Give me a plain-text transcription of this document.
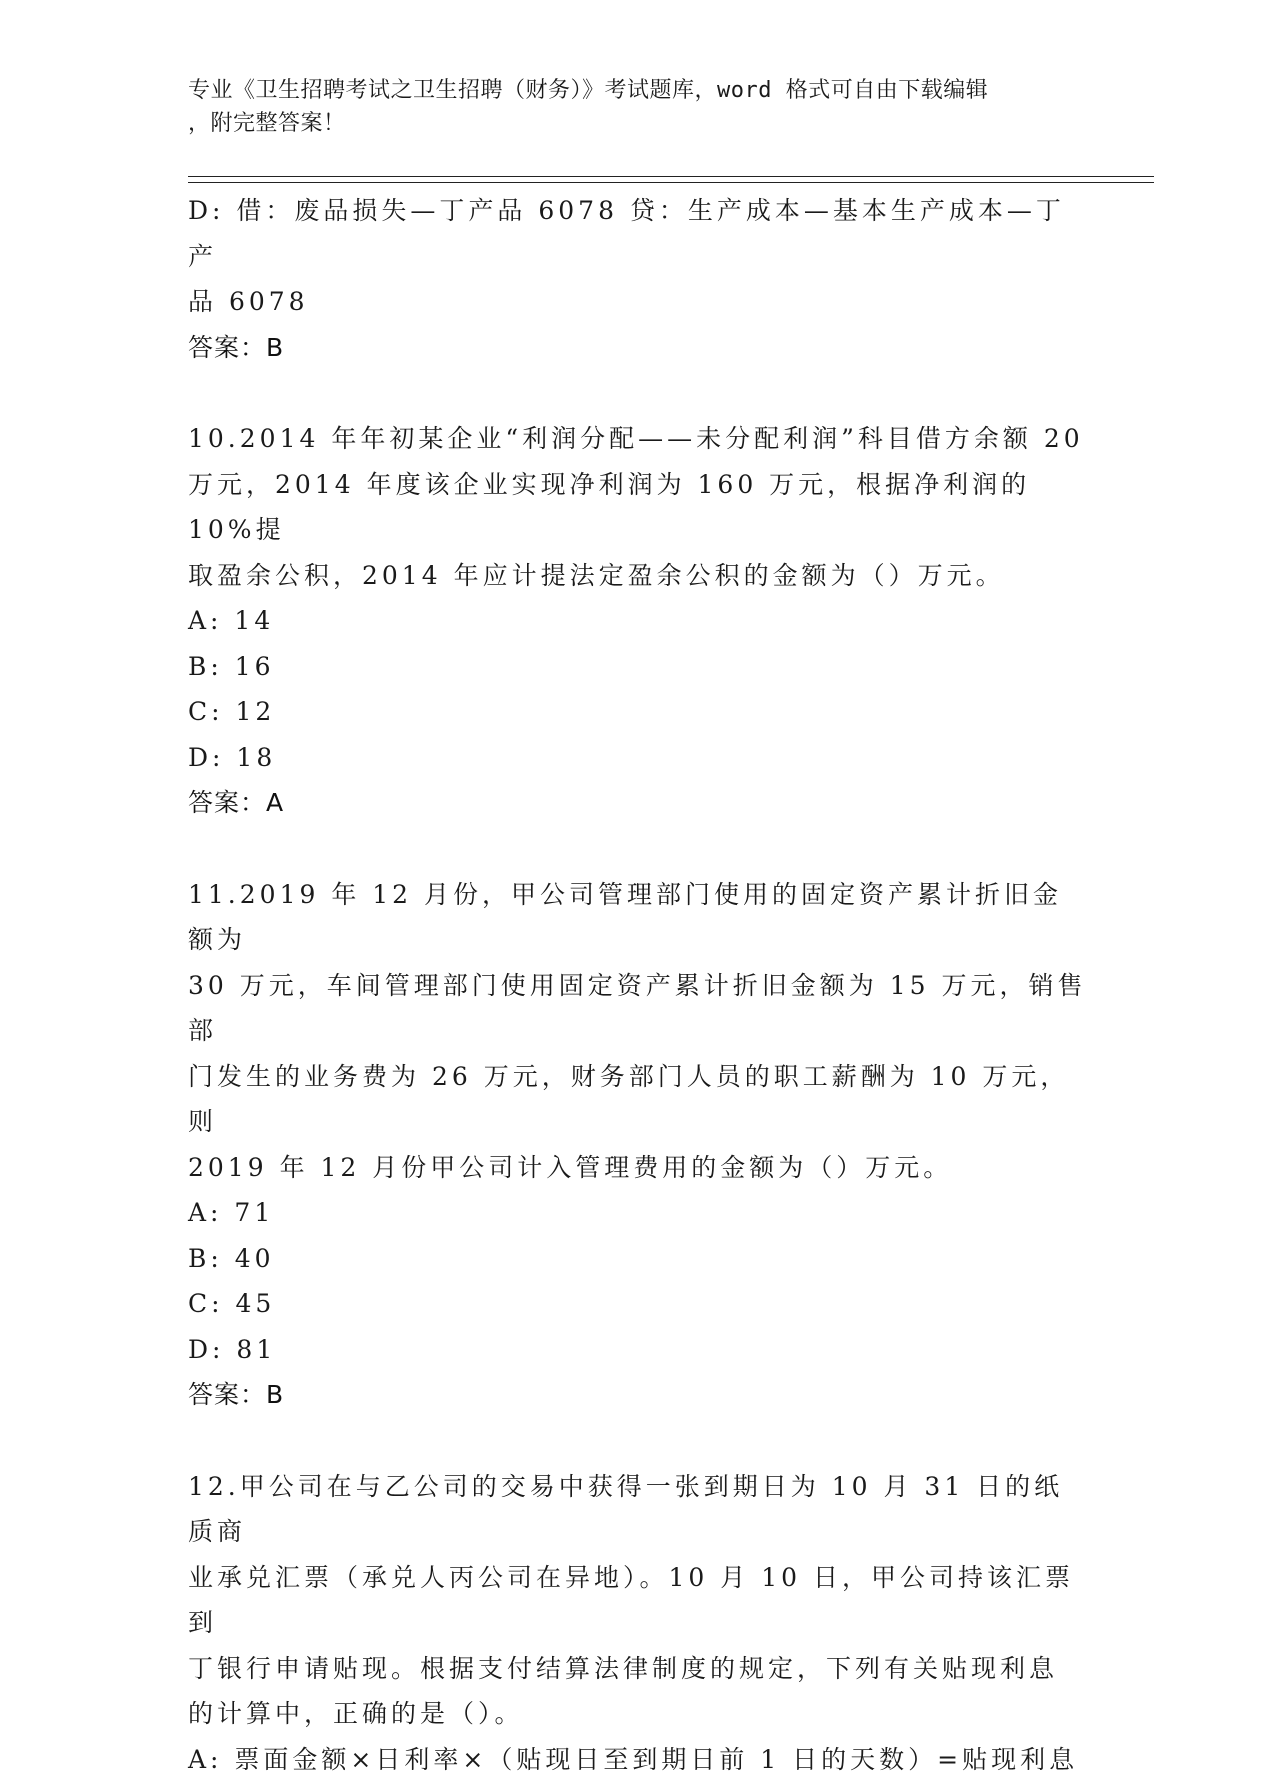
专业《卫生招聘考试之卫生招聘（财务）》考试题库，word 格式可自由下载编辑
，附完整答案！
D: 借：废品损失—丁产品 6078 贷：生产成本—基本生产成本—丁产
品 6078
答案：B
10.2014 年年初某企业“利润分配——未分配利润”科目借方余额 20
万元，2014 年度该企业实现净利润为 160 万元，根据净利润的 10%提
取盈余公积，2014 年应计提法定盈余公积的金额为（）万元。
A: 14
B: 16
C: 12
D: 18
答案：A
11.2019 年 12 月份，甲公司管理部门使用的固定资产累计折旧金额为
30 万元，车间管理部门使用固定资产累计折旧金额为 15 万元，销售部
门发生的业务费为 26 万元，财务部门人员的职工薪酬为 10 万元，则
2019 年 12 月份甲公司计入管理费用的金额为（）万元。
A: 71
B: 40
C: 45
D: 81
答案：B
12.甲公司在与乙公司的交易中获得一张到期日为 10 月 31 日的纸质商
业承兑汇票（承兑人丙公司在异地）。10 月 10 日，甲公司持该汇票到
丁银行申请贴现。根据支付结算法律制度的规定，下列有关贴现利息
的计算中，正确的是（）。
A: 票面金额×日利率×（贴现日至到期日前 1 日的天数）=贴现利息
